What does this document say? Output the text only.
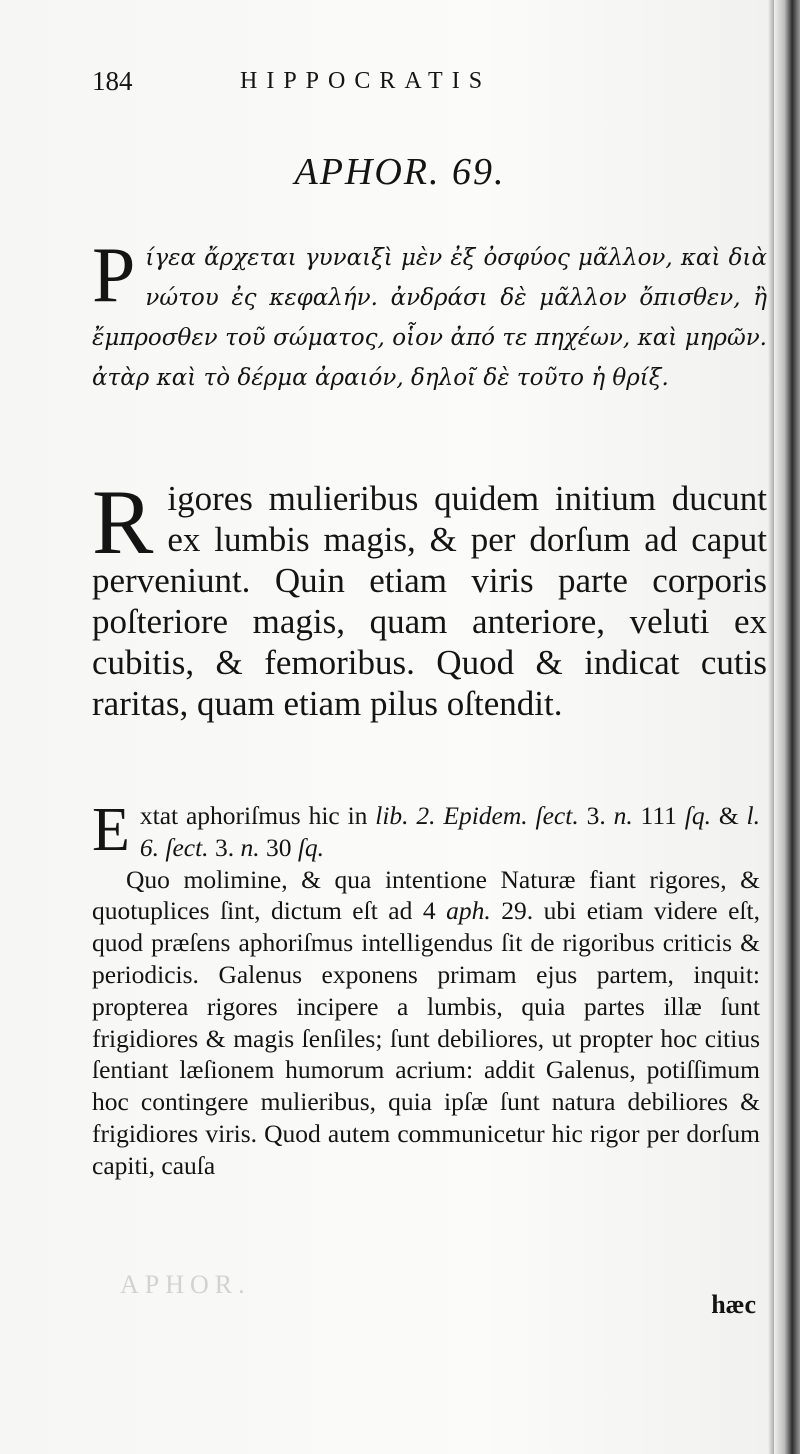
184	HIPPOCRATIS
APHOR. 69.
P ίγεα ἄρχεται γυναιξὶ μὲν ἐξ ὀσφύος μᾶλλον, καὶ διὰ νώτου ἐς κεφαλήν. ἀνδράσι δὲ μᾶλλον ὄπισθεν, ἢ ἔμπροσθεν τοῦ σώματος, οἷον ἀπό τε πηχέων, καὶ μηρῶν. ἀτὰρ καὶ τὸ δέρμα ἀραιόν, δηλοῖ δὲ τοῦτο ἡ θρίξ.
R igores mulieribus quidem initium ducunt ex lumbis magis, & per dorſum ad caput perveniunt. Quin etiam viris parte corporis poſteriore magis, quam anteriore, veluti ex cubitis, & femoribus. Quod & indicat cutis raritas, quam etiam pilus oſtendit.
E xtat aphoriſmus hic in lib. 2. Epidem. ſect. 3. n. 111 ſq. & l. 6. ſect. 3. n. 30 ſq.
Quo molimine, & qua intentione Naturæ fiant rigores, & quotuplices ſint, dictum eſt ad 4 aph. 29. ubi etiam videre eſt, quod præſens aphoriſmus intelligendus ſit de rigoribus criticis & periodicis. Galenus exponens primam ejus partem, inquit: propterea rigores incipere a lumbis, quia partes illæ ſunt frigidiores & magis ſenſiles; ſunt debiliores, ut propter hoc citius ſentiant læſionem humorum acrium: addit Galenus, potiſſimum hoc contingere mulieribus, quia ipſæ ſunt natura debiliores & frigidiores viris. Quod autem communicetur hic rigor per dorſum capiti, cauſa
APHOR.
hæc
